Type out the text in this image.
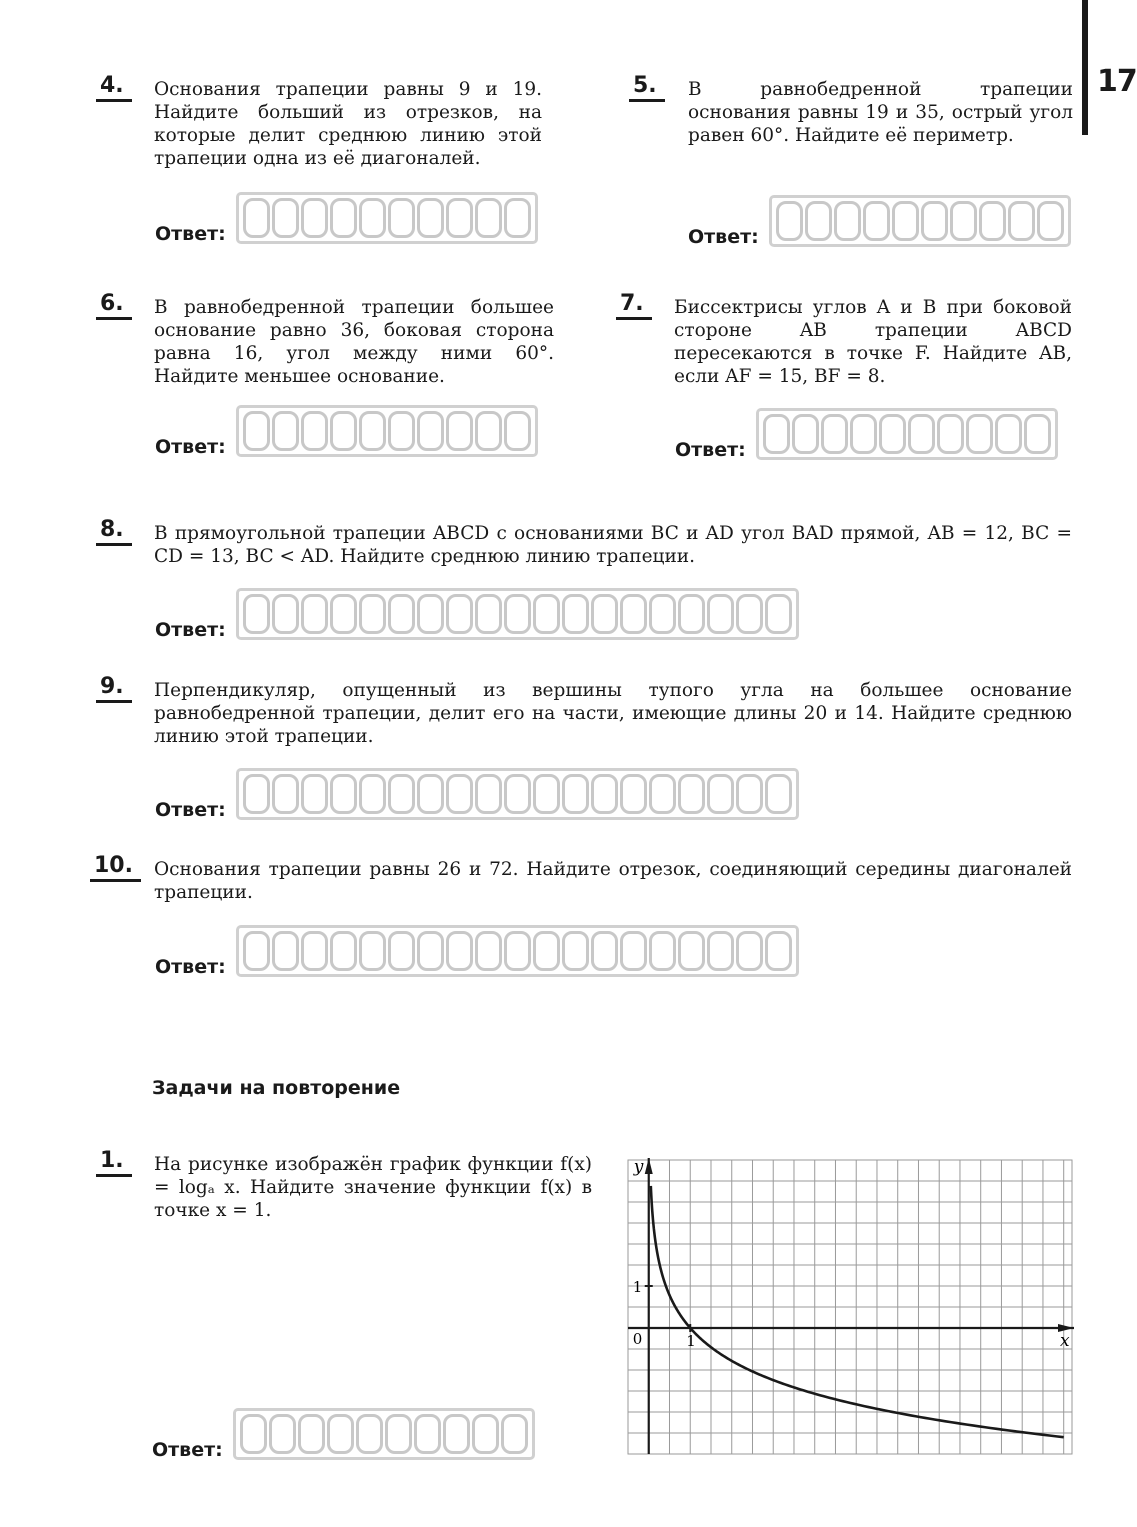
17
4. Основания трапеции равны 9 и 19. Найдите больший из отрезков, на которые делит среднюю линию этой трапеции одна из её диагоналей.
Ответ:
5. В равнобедренной трапеции основания равны 19 и 35, острый угол равен 60°. Найдите её периметр.
Ответ:
6. В равнобедренной трапеции большее основание равно 36, боковая сторона равна 16, угол между ними 60°. Найдите меньшее основание.
Ответ:
7. Биссектрисы углов A и B при боковой стороне AB трапеции ABCD пересекаются в точке F. Найдите AB, если AF = 15, BF = 8.
Ответ:
8. В прямоугольной трапеции ABCD с основаниями BC и AD угол BAD прямой, AB = 12, BC = CD = 13, BC < AD. Найдите среднюю линию трапеции.
Ответ:
9. Перпендикуляр, опущенный из вершины тупого угла на большее основание равнобедренной трапеции, делит его на части, имеющие длины 20 и 14. Найдите среднюю линию этой трапеции.
Ответ:
10. Основания трапеции равны 26 и 72. Найдите отрезок, соединяющий середины диагоналей трапеции.
Ответ:
Задачи на повторение
1. На рисунке изображён график функции f(x) = logₐ x. Найдите значение функции f(x) в точке x = 1.
Ответ:
y
x
0	1
1
